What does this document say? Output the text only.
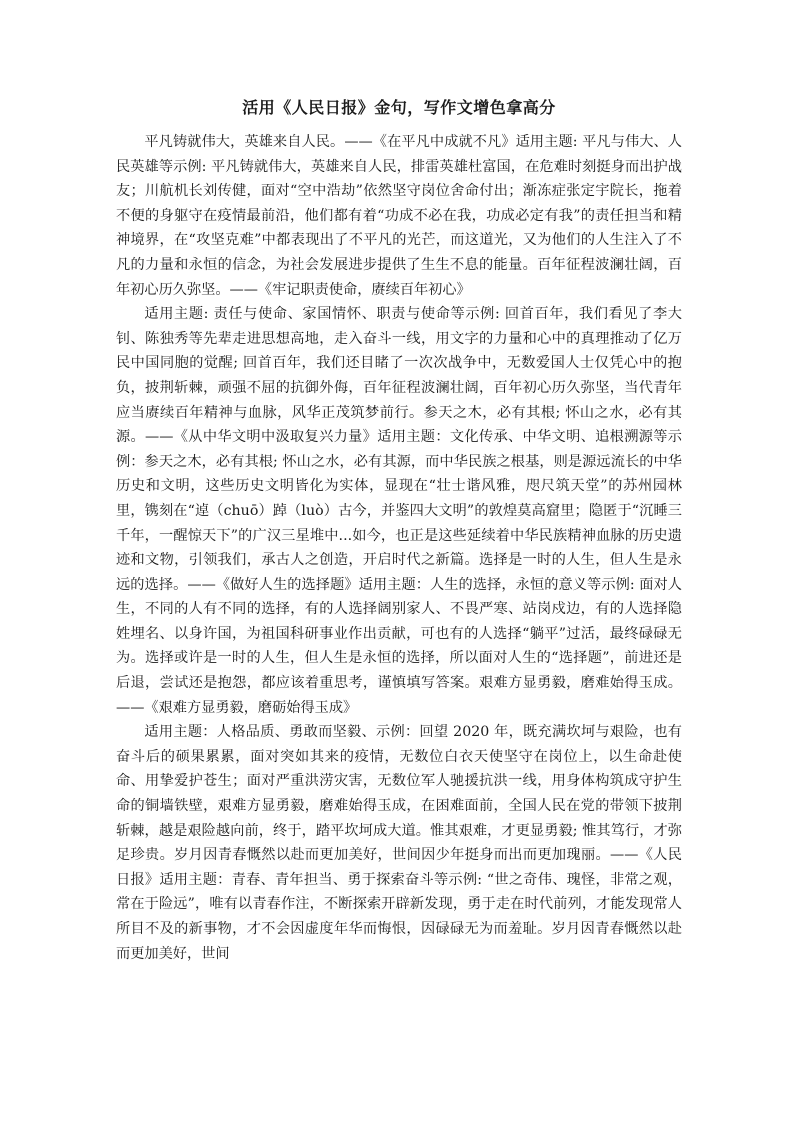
活用《人民日报》金句，写作文增色拿高分

平凡铸就伟大，英雄来自人民。——《在平凡中成就不凡》适用主题: 平凡与伟大、人民英雄等示例: 平凡铸就伟大，英雄来自人民，排雷英雄杜富国，在危难时刻挺身而出护战友；川航机长刘传健，面对“空中浩劫”依然坚守岗位舍命付出；渐冻症张定宇院长，拖着不便的身躯守在疫情最前沿，他们都有着“功成不必在我，功成必定有我”的责任担当和精神境界，在“攻坚克难”中都表现出了不平凡的光芒，而这道光，又为他们的人生注入了不凡的力量和永恒的信念，为社会发展进步提供了生生不息的能量。百年征程波澜壮阔，百年初心历久弥坚。——《牢记职责使命，赓续百年初心》

适用主题: 责任与使命、家国情怀、职责与使命等示例: 回首百年，我们看见了李大钊、陈独秀等先辈走进思想高地，走入奋斗一线，用文字的力量和心中的真理推动了亿万民中国同胞的觉醒; 回首百年，我们还目睹了一次次战争中，无数爱国人士仅凭心中的抱负，披荆斩棘，顽强不屈的抗御外侮，百年征程波澜壮阔，百年初心历久弥坚，当代青年应当赓续百年精神与血脉，风华正茂筑梦前行。参天之木，必有其根; 怀山之水，必有其源。——《从中华文明中汲取复兴力量》适用主题：文化传承、中华文明、追根溯源等示例：参天之木，必有其根; 怀山之水，必有其源，而中华民族之根基，则是源远流长的中华历史和文明，这些历史文明皆化为实体，显现在“壮士谐风雅，咫尺筑天堂”的苏州园林里，镌刻在“逴（chuō）踔（luò）古今，并鉴四大文明”的敦煌莫高窟里；隐匿于“沉睡三千年，一醒惊天下”的广汉三星堆中...如今，也正是这些延续着中华民族精神血脉的历史遗迹和文物，引领我们，承古人之创造，开启时代之新篇。选择是一时的人生，但人生是永远的选择。——《做好人生的选择题》适用主题：人生的选择，永恒的意义等示例: 面对人生，不同的人有不同的选择，有的人选择阔别家人、不畏严寒、站岗戍边，有的人选择隐姓埋名、以身许国，为祖国科研事业作出贡献，可也有的人选择“躺平”过活，最终碌碌无为。选择或许是一时的人生，但人生是永恒的选择，所以面对人生的“选择题”，前进还是后退，尝试还是抱怨，都应该着重思考，谨慎填写答案。艰难方显勇毅，磨难始得玉成。——《艰难方显勇毅，磨砺始得玉成》

适用主题：人格品质、勇敢而坚毅、示例：回望 2020 年，既充满坎坷与艰险，也有奋斗后的硕果累累，面对突如其来的疫情，无数位白衣天使坚守在岗位上，以生命赴使命、用挚爱护苍生；面对严重洪涝灾害，无数位军人驰援抗洪一线，用身体构筑成守护生命的铜墙铁壁，艰难方显勇毅，磨难始得玉成，在困难面前，全国人民在党的带领下披荆斩棘，越是艰险越向前，终于，踏平坎坷成大道。惟其艰难，才更显勇毅; 惟其笃行，才弥足珍贵。岁月因青春慨然以赴而更加美好，世间因少年挺身而出而更加瑰丽。——《人民日报》适用主题：青春、青年担当、勇于探索奋斗等示例: “世之奇伟、瑰怪，非常之观，常在于险远”，唯有以青春作注，不断探索开辟新发现，勇于走在时代前列，才能发现常人所目不及的新事物，才不会因虚度年华而悔恨，因碌碌无为而羞耻。岁月因青春慨然以赴而更加美好，世间
